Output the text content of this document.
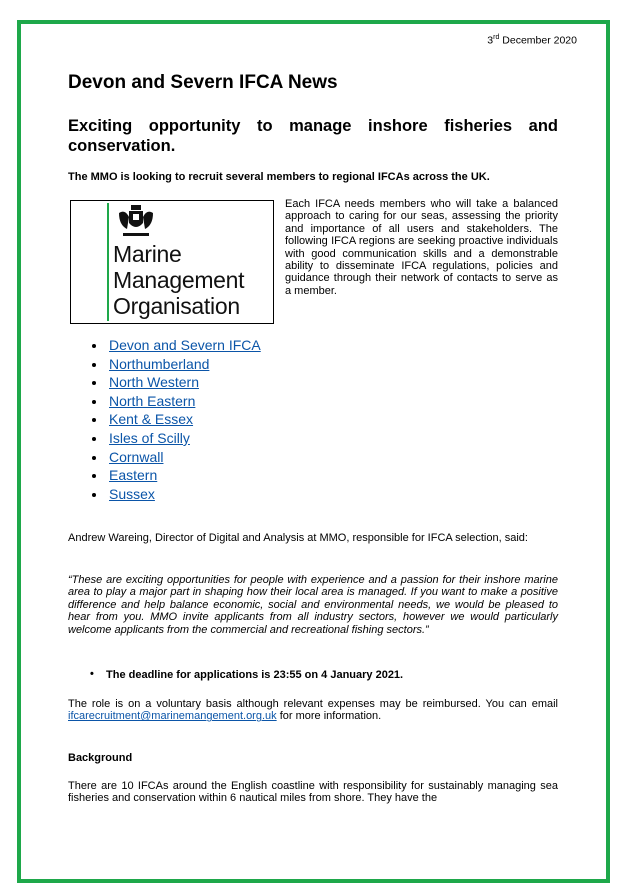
3rd December 2020
Devon and Severn IFCA News
Exciting opportunity to manage inshore fisheries and conservation.
The MMO is looking to recruit several members to regional IFCAs across the UK.
Marine
Management
Organisation
Each IFCA needs members who will take a balanced approach to caring for our seas, assessing the priority and importance of all users and stakeholders. The following IFCA regions are seeking proactive individuals with good communication skills and a demonstrable ability to disseminate IFCA regulations, policies and guidance through their network of contacts to serve as a member.
• Devon and Severn IFCA
• Northumberland
• North Western
• North Eastern
• Kent & Essex
• Isles of Scilly
• Cornwall
• Eastern
• Sussex
Andrew Wareing, Director of Digital and Analysis at MMO, responsible for IFCA selection, said:
“These are exciting opportunities for people with experience and a passion for their inshore marine area to play a major part in shaping how their local area is managed. If you want to make a positive difference and help balance economic, social and environmental needs, we would be pleased to hear from you. MMO invite applicants from all industry sectors, however we would particularly welcome applicants from the commercial and recreational fishing sectors.”
• The deadline for applications is 23:55 on 4 January 2021.
The role is on a voluntary basis although relevant expenses may be reimbursed. You can email ifcarecruitment@marinemangement.org.uk for more information.
Background
There are 10 IFCAs around the English coastline with responsibility for sustainably managing sea fisheries and conservation within 6 nautical miles from shore. They have the
